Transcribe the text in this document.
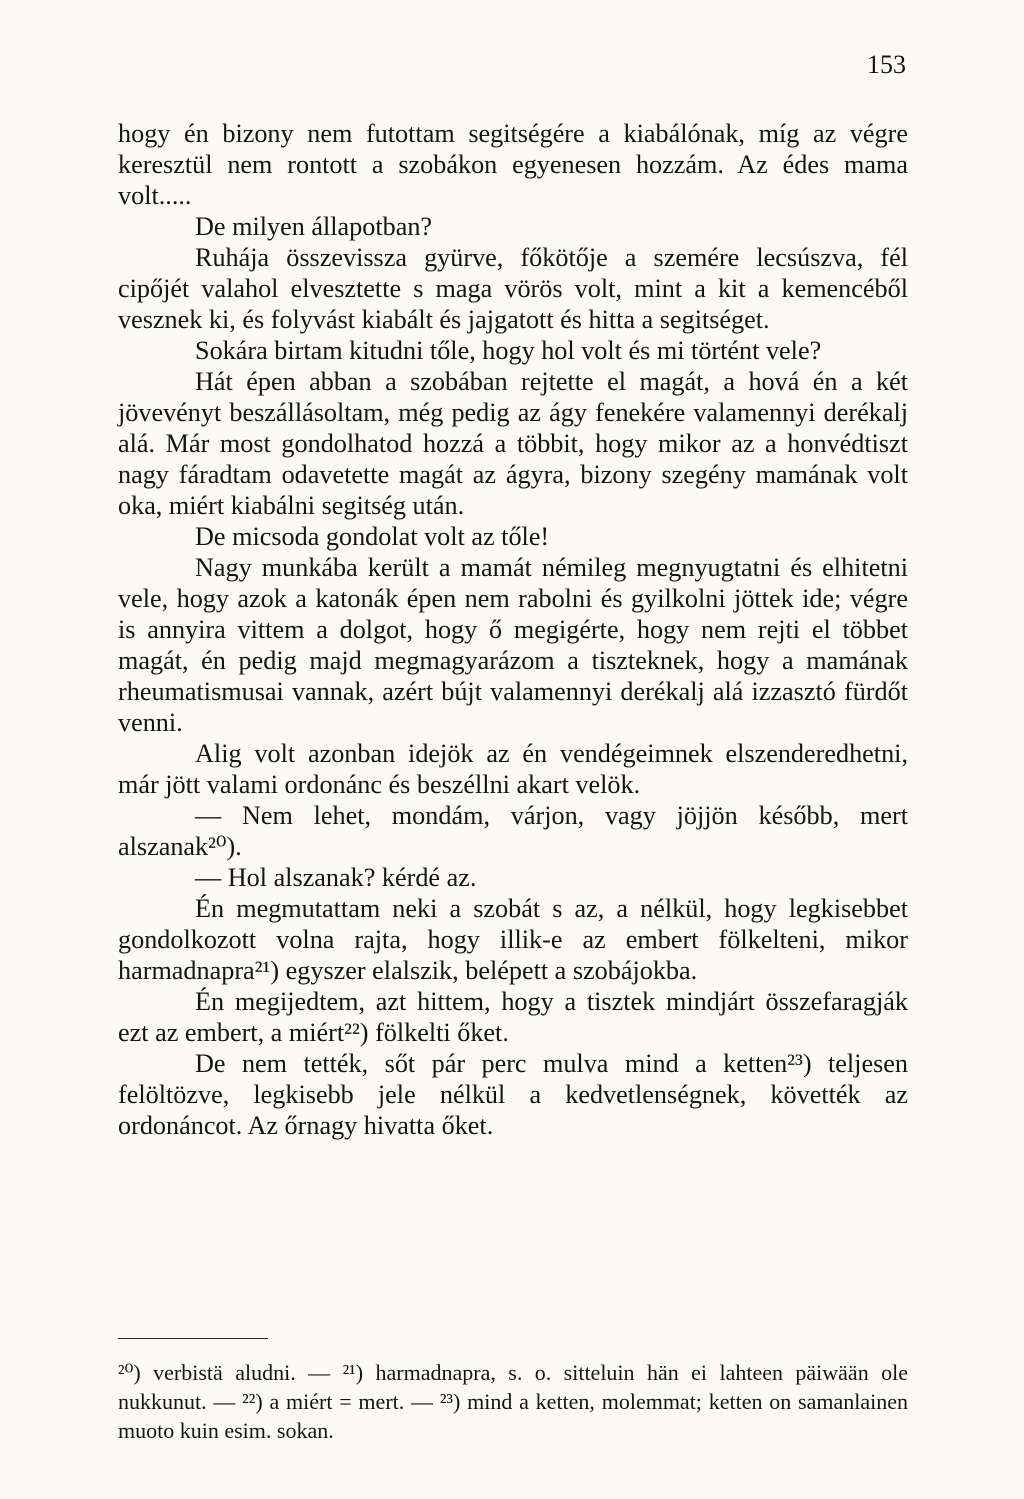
153

hogy én bizony nem futottam segitségére a kiabálónak, míg az végre keresztül nem rontott a szobákon egyenesen hozzám. Az édes mama volt.....

De milyen állapotban?

Ruhája összevissza gyürve, főkötője a szemére lecsúszva, fél cipőjét valahol elvesztette s maga vörös volt, mint a kit a kemencéből vesznek ki, és folyvást kiabált és jajgatott és hitta a segitséget.

Sokára birtam kitudni tőle, hogy hol volt és mi történt vele?

Hát épen abban a szobában rejtette el magát, a hová én a két jövevényt beszállásoltam, még pedig az ágy fenekére valamennyi derékalj alá. Már most gondolhatod hozzá a többit, hogy mikor az a honvédtiszt nagy fáradtam odavetette magát az ágyra, bizony szegény mamának volt oka, miért kiabálni segitség után.

De micsoda gondolat volt az tőle!

Nagy munkába került a mamát némileg megnyugtatni és elhitetni vele, hogy azok a katonák épen nem rabolni és gyilkolni jöttek ide; végre is annyira vittem a dolgot, hogy ő megigérte, hogy nem rejti el többet magát, én pedig majd megmagyarázom a tiszteknek, hogy a mamának rheumatismusai vannak, azért bújt valamennyi derékalj alá izzasztó fürdőt venni.

Alig volt azonban idejök az én vendégeimnek elszenderedhetni, már jött valami ordonánc és beszéllni akart velök.

— Nem lehet, mondám, várjon, vagy jöjjön később, mert alszanak²⁰).

— Hol alszanak? kérdé az.

Én megmutattam neki a szobát s az, a nélkül, hogy legkisebbet gondolkozott volna rajta, hogy illik-e az embert fölkelteni, mikor harmadnapra²¹) egyszer elalszik, belépett a szobájokba.

Én megijedtem, azt hittem, hogy a tisztek mindjárt összefaragják ezt az embert, a miért²²) fölkelti őket.

De nem tették, sőt pár perc mulva mind a ketten²³) teljesen felöltözve, legkisebb jele nélkül a kedvetlenségnek, követték az ordonáncot. Az őrnagy hivatta őket.

²⁰) verbistä aludni. — ²¹) harmadnapra, s. o. sitteluin hän ei lahteen päiwään ole nukkunut. — ²²) a miért = mert. — ²³) mind a ketten, molemmat; ketten on samanlainen muoto kuin esim. sokan.
